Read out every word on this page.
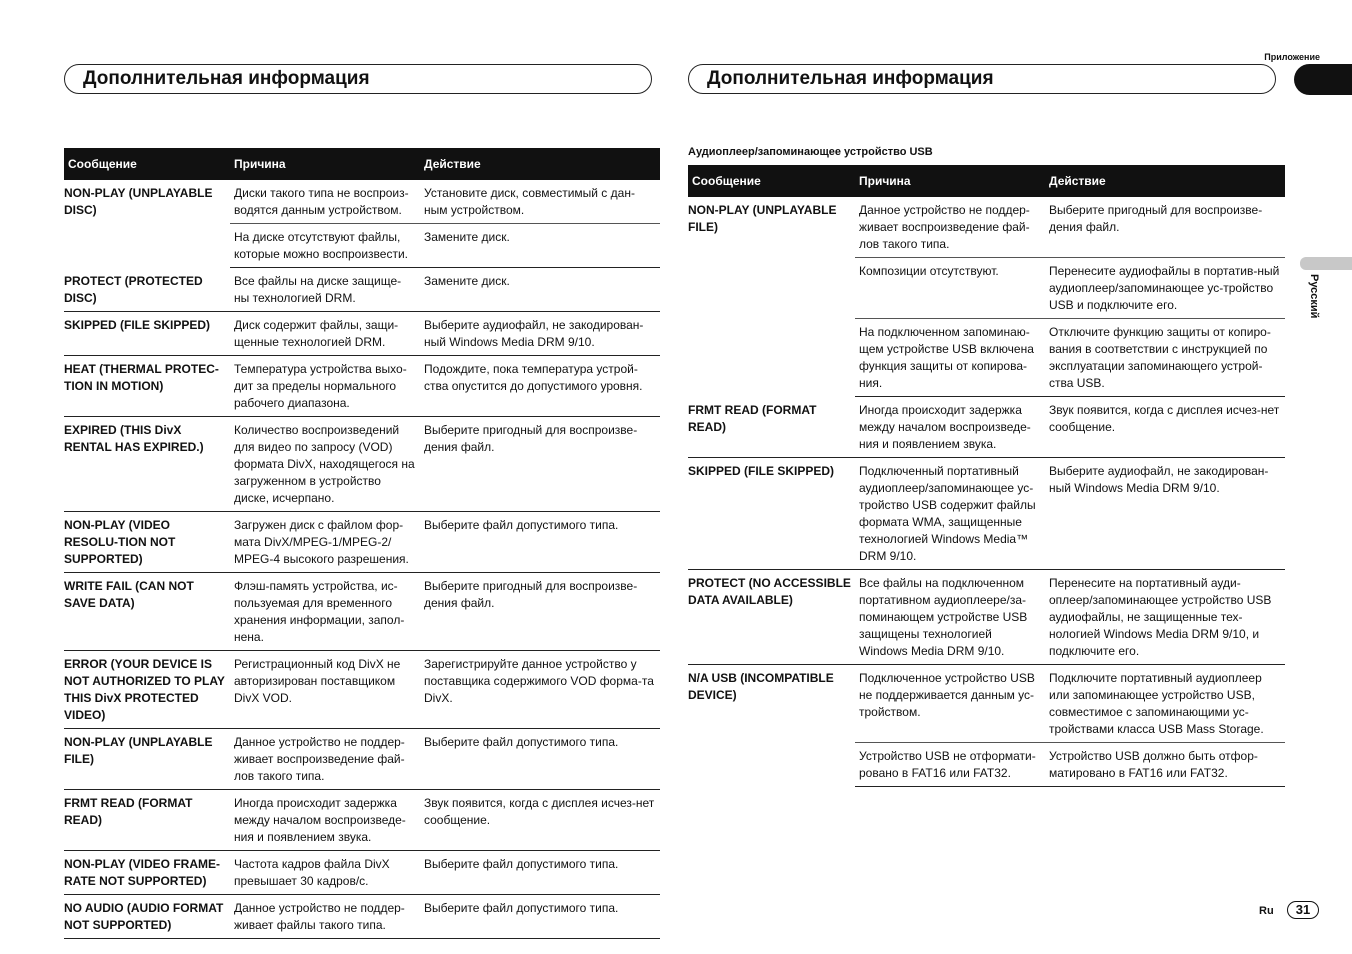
Дополнительная информация	Дополнительная информация
Приложение
Русский
Сообщение	Причина	Действие
NON-PLAY (UNPLAYABLE DISC)	Диски такого типа не воспроиз-водятся данным устройством.	Установите диск, совместимый с дан-ным устройством.
	На диске отсутствуют файлы, которые можно воспроизвести.	Замените диск.
PROTECT (PROTECTED DISC)	Все файлы на диске защище-ны технологией DRM.	Замените диск.
SKIPPED (FILE SKIPPED)	Диск содержит файлы, защи-щенные технологией DRM.	Выберите аудиофайл, не закодирован-ный Windows Media DRM 9/10.
HEAT (THERMAL PROTEC-TION IN MOTION)	Температура устройства выхо-дит за пределы нормального рабочего диапазона.	Подождите, пока температура устрой-ства опустится до допустимого уровня.
EXPIRED (THIS DivX RENTAL HAS EXPIRED.)	Количество воспроизведений для видео по запросу (VOD) формата DivX, находящегося на загруженном в устройство диске, исчерпано.	Выберите пригодный для воспроизве-дения файл.
NON-PLAY (VIDEO RESOLU-TION NOT SUPPORTED)	Загружен диск с файлом фор-мата DivX/MPEG-1/MPEG-2/ MPEG-4 высокого разрешения.	Выберите файл допустимого типа.
WRITE FAIL (CAN NOT SAVE DATA)	Флэш-память устройства, ис-пользуемая для временного хранения информации, запол-нена.	Выберите пригодный для воспроизве-дения файл.
ERROR (YOUR DEVICE IS NOT AUTHORIZED TO PLAY THIS DivX PROTECTED VIDEO)	Регистрационный код DivX не авторизирован поставщиком DivX VOD.	Зарегистрируйте данное устройство у поставщика содержимого VOD форма-та DivX.
NON-PLAY (UNPLAYABLE FILE)	Данное устройство не поддер-живает воспроизведение фай-лов такого типа.	Выберите файл допустимого типа.
FRMT READ (FORMAT READ)	Иногда происходит задержка между началом воспроизведе-ния и появлением звука.	Звук появится, когда с дисплея исчез-нет сообщение.
NON-PLAY (VIDEO FRAME-RATE NOT SUPPORTED)	Частота кадров файла DivX превышает 30 кадров/с.	Выберите файл допустимого типа.
NO AUDIO (AUDIO FORMAT NOT SUPPORTED)	Данное устройство не поддер-живает файлы такого типа.	Выберите файл допустимого типа.
Аудиоплеер/запоминающее устройство USB
Сообщение	Причина	Действие
NON-PLAY (UNPLAYABLE FILE)	Данное устройство не поддер-живает воспроизведение фай-лов такого типа.	Выберите пригодный для воспроизве-дения файл.
	Композиции отсутствуют.	Перенесите аудиофайлы в портатив-ный аудиоплеер/запоминающее ус-тройство USB и подключите его.
	На подключенном запоминаю-щем устройстве USB включена функция защиты от копирова-ния.	Отключите функцию защиты от копиро-вания в соответствии с инструкцией по эксплуатации запоминающего устрой-ства USB.
FRMT READ (FORMAT READ)	Иногда происходит задержка между началом воспроизведе-ния и появлением звука.	Звук появится, когда с дисплея исчез-нет сообщение.
SKIPPED (FILE SKIPPED)	Подключенный портативный аудиоплеер/запоминающее ус-тройство USB содержит файлы формата WMA, защищенные технологией Windows Media™ DRM 9/10.	Выберите аудиофайл, не закодирован-ный Windows Media DRM 9/10.
PROTECT (NO ACCESSIBLE DATA AVAILABLE)	Все файлы на подключенном портативном аудиоплеере/за-поминающем устройстве USB защищены технологией Windows Media DRM 9/10.	Перенесите на портативный ауди-оплеер/запоминающее устройство USB аудиофайлы, не защищенные тех-нологией Windows Media DRM 9/10, и подключите его.
N/A USB (INCOMPATIBLE DEVICE)	Подключенное устройство USB не поддерживается данным ус-тройством.	Подключите портативный аудиоплеер или запоминающее устройство USB, совместимое с запоминающими ус-тройствами класса USB Mass Storage.
	Устройство USB не отформати-ровано в FAT16 или FAT32.	Устройство USB должно быть отфор-матировано в FAT16 или FAT32.
Ru	31
